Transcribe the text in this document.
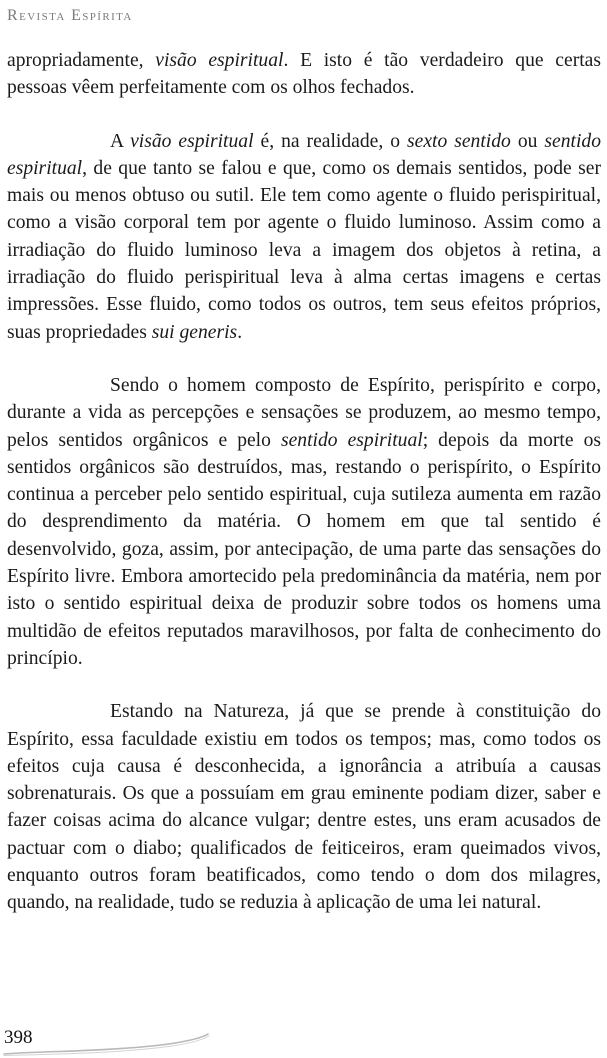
Revista Espírita

apropriadamente, visão espiritual. E isto é tão verdadeiro que certas pessoas vêem perfeitamente com os olhos fechados.

A visão espiritual é, na realidade, o sexto sentido ou sentido espiritual, de que tanto se falou e que, como os demais sentidos, pode ser mais ou menos obtuso ou sutil. Ele tem como agente o fluido perispiritual, como a visão corporal tem por agente o fluido luminoso. Assim como a irradiação do fluido luminoso leva a imagem dos objetos à retina, a irradiação do fluido perispiritual leva à alma certas imagens e certas impressões. Esse fluido, como todos os outros, tem seus efeitos próprios, suas propriedades sui generis.

Sendo o homem composto de Espírito, perispírito e corpo, durante a vida as percepções e sensações se produzem, ao mesmo tempo, pelos sentidos orgânicos e pelo sentido espiritual; depois da morte os sentidos orgânicos são destruídos, mas, restando o perispírito, o Espírito continua a perceber pelo sentido espiritual, cuja sutileza aumenta em razão do desprendimento da matéria. O homem em que tal sentido é desenvolvido, goza, assim, por antecipação, de uma parte das sensações do Espírito livre. Embora amortecido pela predominância da matéria, nem por isto o sentido espiritual deixa de produzir sobre todos os homens uma multidão de efeitos reputados maravilhosos, por falta de conhecimento do princípio.

Estando na Natureza, já que se prende à constituição do Espírito, essa faculdade existiu em todos os tempos; mas, como todos os efeitos cuja causa é desconhecida, a ignorância a atribuía a causas sobrenaturais. Os que a possuíam em grau eminente podiam dizer, saber e fazer coisas acima do alcance vulgar; dentre estes, uns eram acusados de pactuar com o diabo; qualificados de feiticeiros, eram queimados vivos, enquanto outros foram beatificados, como tendo o dom dos milagres, quando, na realidade, tudo se reduzia à aplicação de uma lei natural.

398
